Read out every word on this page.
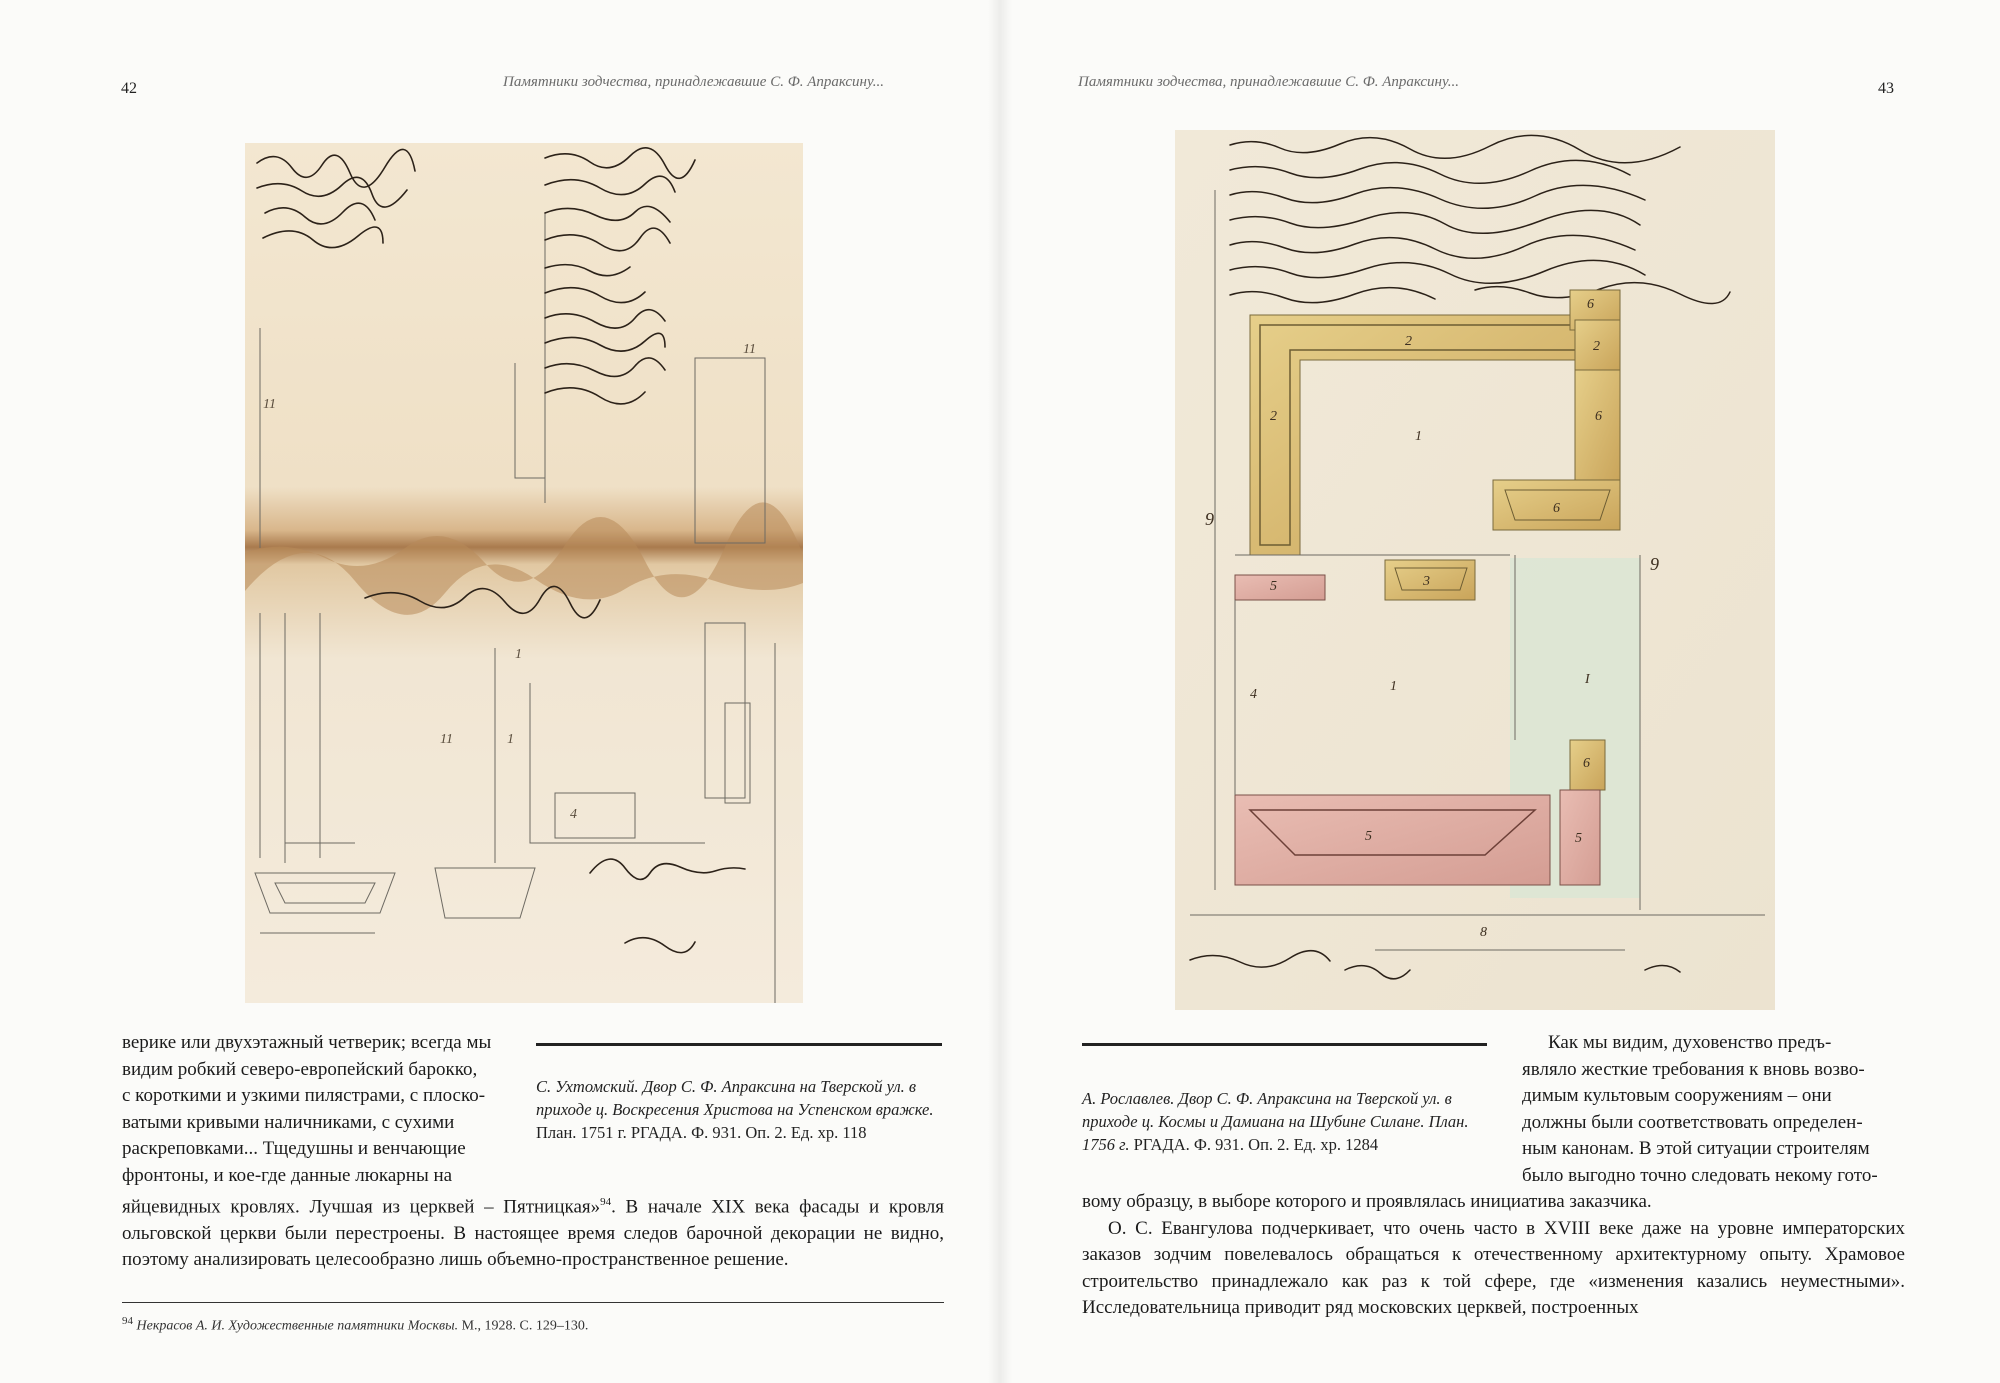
42	Памятники зодчества, принадлежавшие С. Ф. Апраксину...
11
11
1
11	1
4
С. Ухтомский. Двор С. Ф. Апраксина на Тверской ул. в приходе ц. Воскресения Христова на Успенском вражке. План. 1751 г. РГАДА. Ф. 931. Оп. 2. Ед. хр. 118

верике или двухэтажный четверик; всегда мы

видим робкий северо-европейский барокко,

с короткими и узкими пилястрами, с плоско-

ватыми кривыми наличниками, с сухими

раскреповками... Тщедушны и венчающие

фронтоны, и кое-где данные люкарны на

яйцевидных кровлях. Лучшая из церквей – Пятницкая»$^{94}$. В начале XIX века фасады и кровля ольговской церкви были перестроены. В настоящее время следов барочной декорации не видно, поэтому анализировать целесообразно лишь объемно-пространственное решение.

$^{94}$ Некрасов А. И. Художественные памятники Москвы. М., 1928. С. 129–130.
Памятники зодчества, принадлежавшие С. Ф. Апраксину...	43
1
1	I
2
2
2
6
6
6
6
9
9
5	5
5	3
4
8
А. Рославлев. Двор С. Ф. Апраксина на Тверской ул. в приходе ц. Космы и Дамиана на Шубине Силане. План. 1756 г. РГАДА. Ф. 931. Оп. 2. Ед. хр. 1284

Как мы видим, духовенство предъ-

являло жесткие требования к вновь возво-

димым культовым сооружениям – они

должны были соответствовать определен-

ным канонам. В этой ситуации строителям

было выгодно точно следовать некому гото-

вому образцу, в выборе которого и проявлялась инициатива заказчика.

О. С. Евангулова подчеркивает, что очень часто в XVIII веке даже на уровне императорских заказов зодчим повелевалось обращаться к отечественному архитектурному опыту. Храмовое строительство принадлежало как раз к той сфере, где «изменения казались неуместными». Исследовательница приводит ряд московских церквей, построенных
